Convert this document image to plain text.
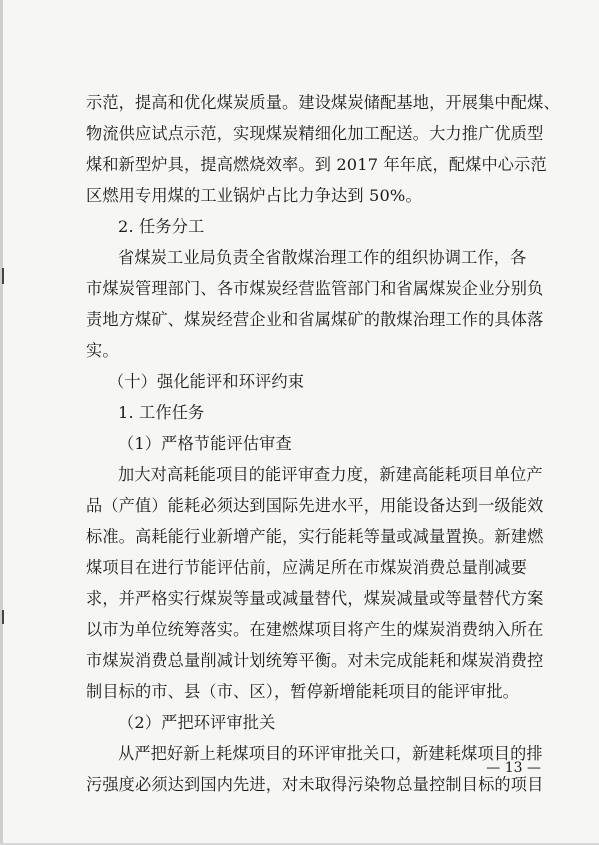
示范，提高和优化煤炭质量。建设煤炭储配基地，开展集中配煤、
物流供应试点示范，实现煤炭精细化加工配送。大力推广优质型
煤和新型炉具，提高燃烧效率。到 2017 年年底，配煤中心示范
区燃用专用煤的工业锅炉占比力争达到 50%。
2. 任务分工
省煤炭工业局负责全省散煤治理工作的组织协调工作，各
市煤炭管理部门、各市煤炭经营监管部门和省属煤炭企业分别负
责地方煤矿、煤炭经营企业和省属煤矿的散煤治理工作的具体落
实。
（十）强化能评和环评约束
1. 工作任务
（1）严格节能评估审查
加大对高耗能项目的能评审查力度，新建高能耗项目单位产
品（产值）能耗必须达到国际先进水平，用能设备达到一级能效
标准。高耗能行业新增产能，实行能耗等量或减量置换。新建燃
煤项目在进行节能评估前，应满足所在市煤炭消费总量削减要
求，并严格实行煤炭等量或减量替代，煤炭减量或等量替代方案
以市为单位统筹落实。在建燃煤项目将产生的煤炭消费纳入所在
市煤炭消费总量削减计划统筹平衡。对未完成能耗和煤炭消费控
制目标的市、县（市、区），暂停新增能耗项目的能评审批。
（2）严把环评审批关
从严把好新上耗煤项目的环评审批关口，新建耗煤项目的排
污强度必须达到国内先进，对未取得污染物总量控制目标的项目
— 13 —
